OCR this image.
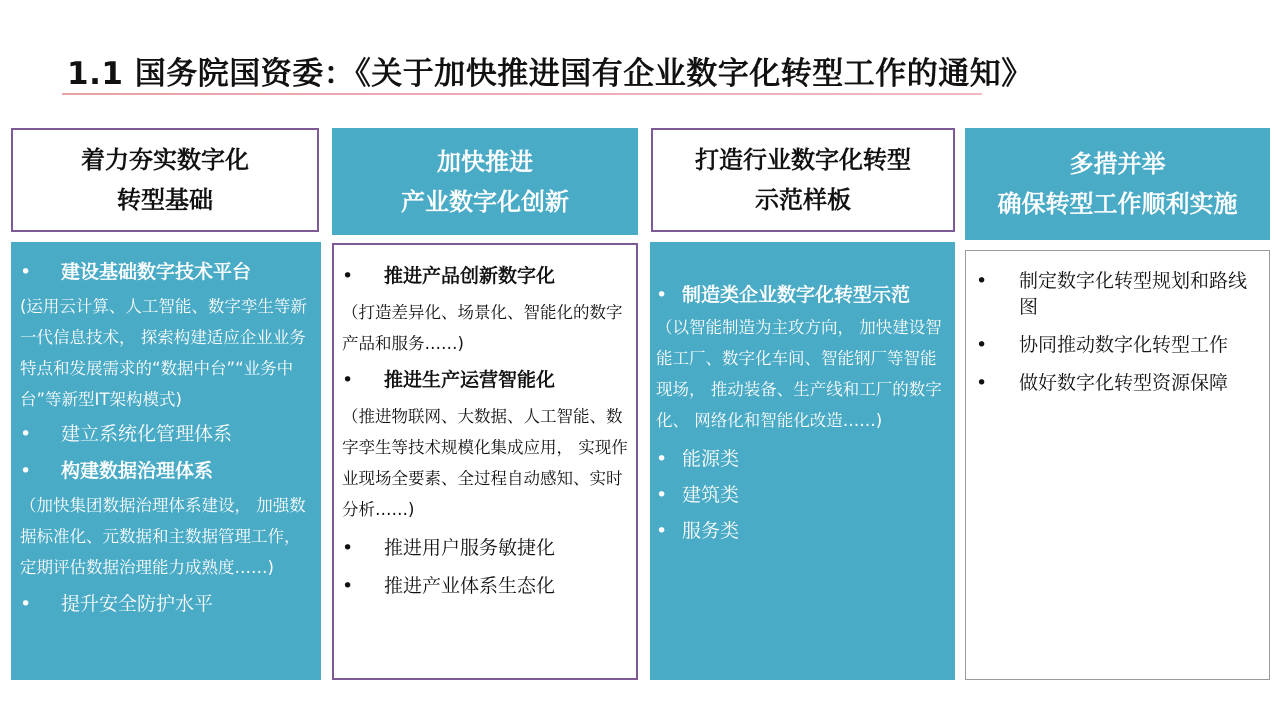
1.1 国务院国资委：《关于加快推进国有企业数字化转型工作的通知》
着力夯实数字化
转型基础
•	建设基础数字技术平台
(运用云计算、人工智能、数字孪生等新一代信息技术， 探索构建适应企业业务特点和发展需求的“数据中台”“业务中台”等新型IT架构模式)
•	建立系统化管理体系
•	构建数据治理体系
（加快集团数据治理体系建设， 加强数据标准化、元数据和主数据管理工作， 定期评估数据治理能力成熟度……)
•	提升安全防护水平
加快推进
产业数字化创新
•	推进产品创新数字化
（打造差异化、场景化、智能化的数字产品和服务……)
•	推进生产运营智能化
（推进物联网、大数据、人工智能、数字孪生等技术规模化集成应用， 实现作业现场全要素、全过程自动感知、实时分析……)
•	推进用户服务敏捷化
•	推进产业体系生态化
打造行业数字化转型
示范样板
• 制造类企业数字化转型示范
（以智能制造为主攻方向， 加快建设智能工厂、数字化车间、智能钢厂等智能现场， 推动装备、生产线和工厂的数字化、 网络化和智能化改造……)
• 能源类
• 建筑类
• 服务类
多措并举
确保转型工作顺利实施
•	制定数字化转型规划和路线图
•	协同推动数字化转型工作
•	做好数字化转型资源保障
